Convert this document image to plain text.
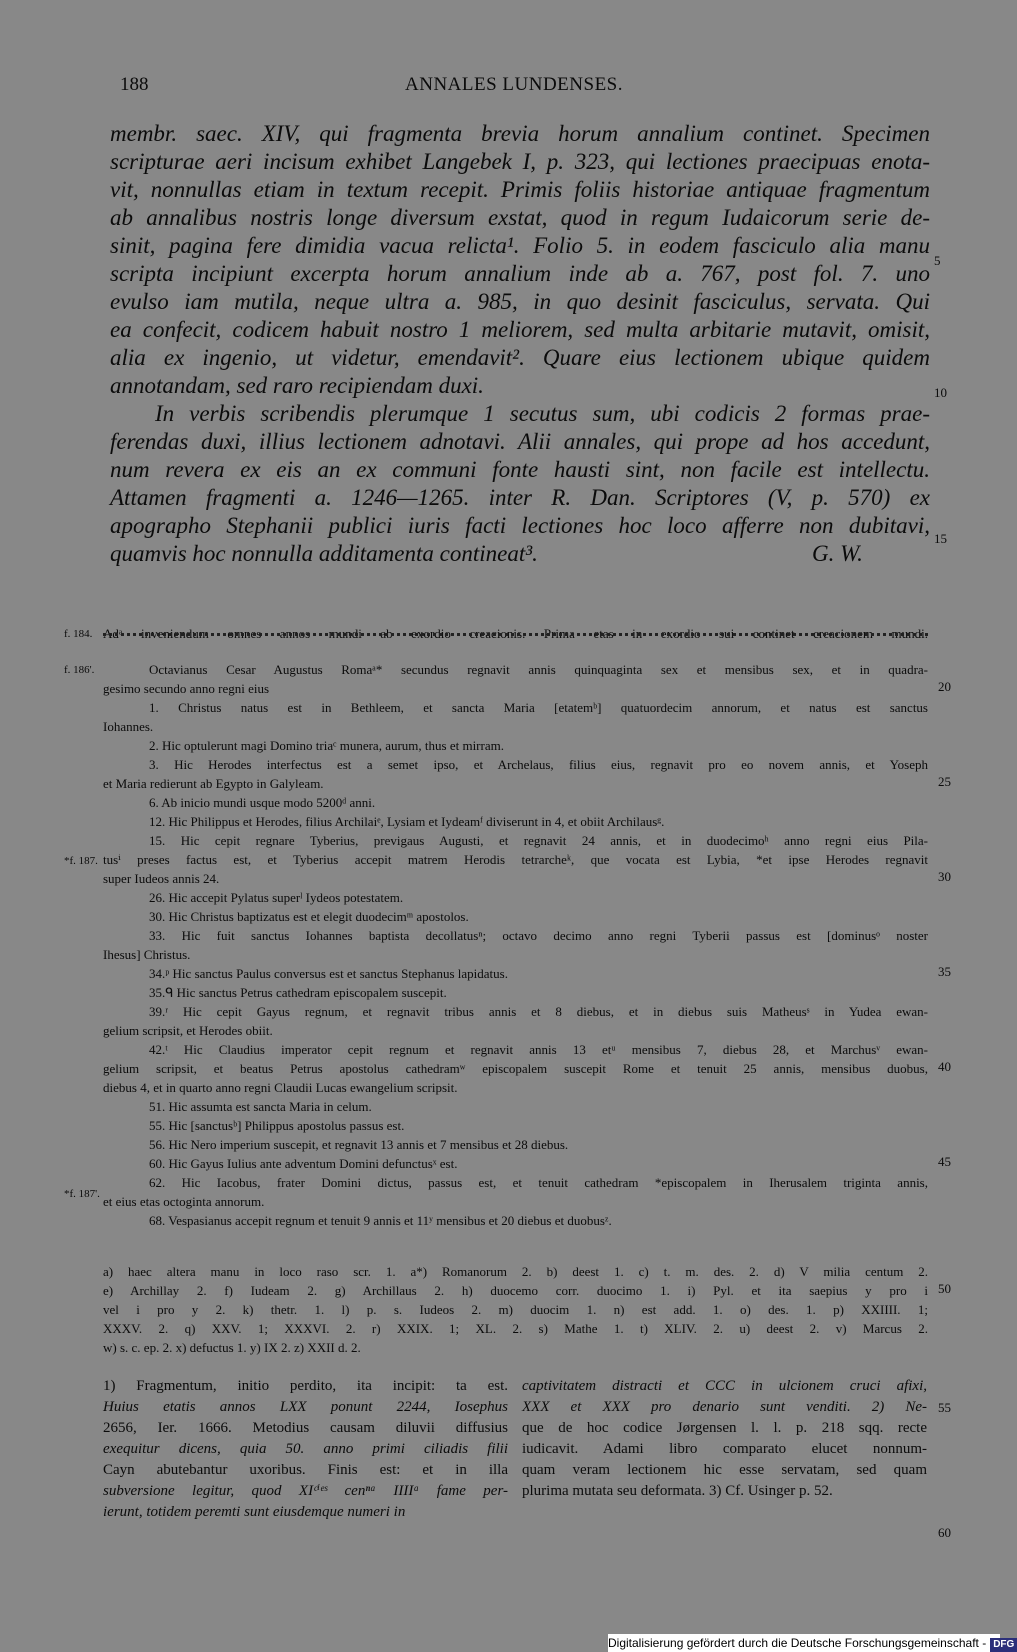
188	ANNALES LUNDENSES.
membr. saec. XIV, qui fragmenta brevia horum annalium continet. Specimen
scripturae aeri incisum exhibet Langebek I, p. 323, qui lectiones praecipuas enota-
vit, nonnullas etiam in textum recepit. Primis foliis historiae antiquae fragmentum
ab annalibus nostris longe diversum exstat, quod in regum Iudaicorum serie de-
sinit, pagina fere dimidia vacua relicta¹. Folio 5. in eodem fasciculo alia manu
scripta incipiunt excerpta horum annalium inde ab a. 767, post fol. 7. uno
evulso iam mutila, neque ultra a. 985, in quo desinit fasciculus, servata. Qui
ea confecit, codicem habuit nostro 1 meliorem, sed multa arbitarie mutavit, omisit,
alia ex ingenio, ut videtur, emendavit². Quare eius lectionem ubique quidem
annotandam, sed raro recipiendam duxi.
In verbis scribendis plerumque 1 secutus sum, ubi codicis 2 formas prae-
ferendas duxi, illius lectionem adnotavi. Alii annales, qui prope ad hos accedunt,
num revera ex eis an ex communi fonte hausti sint, non facile est intellectu.
Attamen fragmenti a. 1246—1265. inter R. Dan. Scriptores (V, p. 570) ex
apographo Stephanii publici iuris facti lectiones hoc loco afferre non dubitavi,
quamvis hoc nonnulla additamenta contineat³.	G. W.
5
10
15
f. 184. Adᵃ inveniendum omnes annos mundi ab exordio creacionis. Prima etas in exordio sui continet creacionem mundi.
f. 186'.
*f. 187.
*f. 187'.
Octavianus Cesar Augustus Romaᵃ* secundus regnavit annis quinquaginta sex et mensibus sex, et in quadra-
gesimo secundo anno regni eius
1. Christus natus est in Bethleem, et sancta Maria [etatemᵇ] quatuordecim annorum, et natus est sanctus
Iohannes.
2. Hic optulerunt magi Domino triaᶜ munera, aurum, thus et mirram.
3. Hic Herodes interfectus est a semet ipso, et Archelaus, filius eius, regnavit pro eo novem annis, et Yoseph
et Maria redierunt ab Egypto in Galyleam.
6. Ab inicio mundi usque modo 5200ᵈ anni.
12. Hic Philippus et Herodes, filius Archilaiᵉ, Lysiam et Iydeamᶠ diviserunt in 4, et obiit Archilausᵍ.
15. Hic cepit regnare Tyberius, previgaus Augusti, et regnavit 24 annis, et in duodecimoʰ anno regni eius Pila-
tusⁱ preses factus est, et Tyberius accepit matrem Herodis tetrarcheᵏ, que vocata est Lybia, *et ipse Herodes regnavit
super Iudeos annis 24.
26. Hic accepit Pylatus superˡ Iydeos potestatem.
30. Hic Christus baptizatus est et elegit duodecimᵐ apostolos.
33. Hic fuit sanctus Iohannes baptista decollatusⁿ; octavo decimo anno regni Tyberii passus est [dominusᵒ noster
Ihesus] Christus.
34.ᵖ Hic sanctus Paulus conversus est et sanctus Stephanus lapidatus.
35.ᑫ Hic sanctus Petrus cathedram episcopalem suscepit.
39.ʳ Hic cepit Gayus regnum, et regnavit tribus annis et 8 diebus, et in diebus suis Matheusˢ in Yudea ewan-
gelium scripsit, et Herodes obiit.
42.ᵗ Hic Claudius imperator cepit regnum et regnavit annis 13 etᵘ mensibus 7, diebus 28, et Marchusᵛ ewan-
gelium scripsit, et beatus Petrus apostolus cathedramʷ episcopalem suscepit Rome et tenuit 25 annis, mensibus duobus,
diebus 4, et in quarto anno regni Claudii Lucas ewangelium scripsit.
51. Hic assumta est sancta Maria in celum.
55. Hic [sanctusᵇ] Philippus apostolus passus est.
56. Hic Nero imperium suscepit, et regnavit 13 annis et 7 mensibus et 28 diebus.
60. Hic Gayus Iulius ante adventum Domini defunctusˣ est.
62. Hic Iacobus, frater Domini dictus, passus est, et tenuit cathedram *episcopalem in Iherusalem triginta annis,
et eius etas octoginta annorum.
68. Vespasianus accepit regnum et tenuit 9 annis et 11ʸ mensibus et 20 diebus et duobusᶻ.
20
25
30
35
40
45
a) haec altera manu in loco raso scr. 1. a*) Romanorum 2. b) deest 1. c) t. m. des. 2. d) V milia centum 2.
e) Archillay 2. f) Iudeam 2. g) Archillaus 2. h) duocemo corr. duocimo 1. i) Pyl. et ita saepius y pro i
vel i pro y 2. k) thetr. 1. l) p. s. Iudeos 2. m) duocim 1. n) est add. 1. o) des. 1. p) XXIIII. 1;
XXXV. 2. q) XXV. 1; XXXVI. 2. r) XXIX. 1; XL. 2. s) Mathe 1. t) XLIV. 2. u) deest 2. v) Marcus 2.
w) s. c. ep. 2. x) defuctus 1. y) IX 2. z) XXII d. 2.
50
1) Fragmentum, initio perdito, ita incipit: ta est.
Huius etatis annos LXX ponunt 2244, Iosephus
2656, Ier. 1666. Metodius causam diluvii diffusius
exequitur dicens, quia 50. anno primi ciliadis filii
Cayn abutebantur uxoribus. Finis est: et in illa
subversione legitur, quod XIᶜⁱᵉˢ cenⁿᵃ IIIIᵃ fame per-
ierunt, totidem peremti sunt eiusdemque numeri in
captivitatem distracti et CCC in ulcionem cruci afixi,
XXX et XXX pro denario sunt venditi. 2) Ne-
que de hoc codice Jørgensen l. l. p. 218 sqq. recte
iudicavit. Adami libro comparato elucet nonnum-
quam veram lectionem hic esse servatam, sed quam
plurima mutata seu deformata. 3) Cf. Usinger p. 52.
55
60
Digitalisierung gefördert durch die Deutsche Forschungsgemeinschaft - DFG
